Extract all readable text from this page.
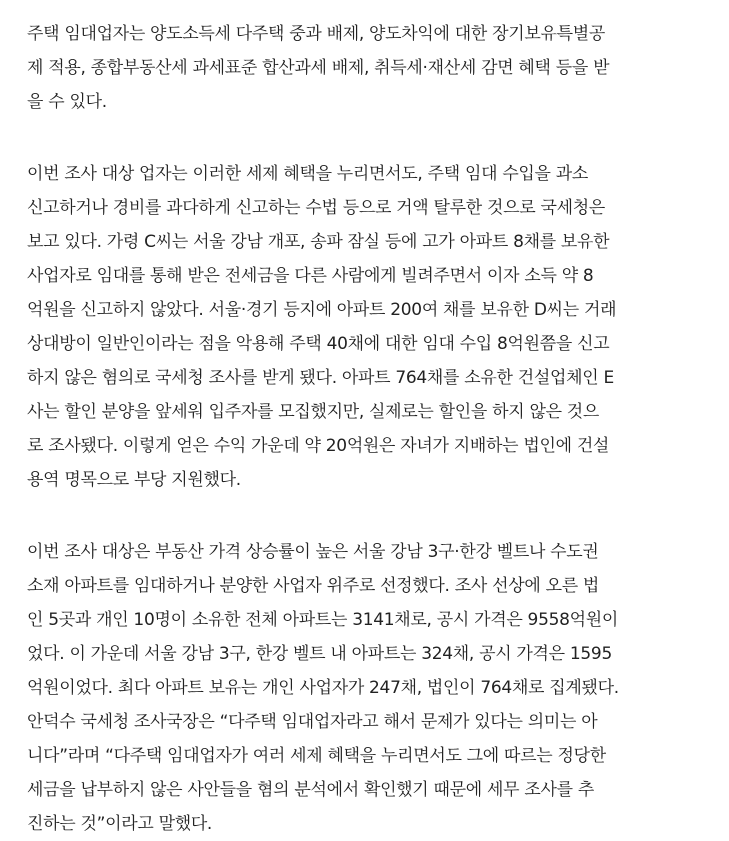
주택 임대업자는 양도소득세 다주택 중과 배제, 양도차익에 대한 장기보유특별공
제 적용, 종합부동산세 과세표준 합산과세 배제, 취득세·재산세 감면 혜택 등을 받
을 수 있다.

이번 조사 대상 업자는 이러한 세제 혜택을 누리면서도, 주택 임대 수입을 과소
신고하거나 경비를 과다하게 신고하는 수법 등으로 거액 탈루한 것으로 국세청은
보고 있다. 가령 C씨는 서울 강남 개포, 송파 잠실 등에 고가 아파트 8채를 보유한
사업자로 임대를 통해 받은 전세금을 다른 사람에게 빌려주면서 이자 소득 약 8
억원을 신고하지 않았다. 서울·경기 등지에 아파트 200여 채를 보유한 D씨는 거래
상대방이 일반인이라는 점을 악용해 주택 40채에 대한 임대 수입 8억원쯤을 신고
하지 않은 혐의로 국세청 조사를 받게 됐다. 아파트 764채를 소유한 건설업체인 E
사는 할인 분양을 앞세워 입주자를 모집했지만, 실제로는 할인을 하지 않은 것으
로 조사됐다. 이렇게 얻은 수익 가운데 약 20억원은 자녀가 지배하는 법인에 건설
용역 명목으로 부당 지원했다.

이번 조사 대상은 부동산 가격 상승률이 높은 서울 강남 3구·한강 벨트나 수도권
소재 아파트를 임대하거나 분양한 사업자 위주로 선정했다. 조사 선상에 오른 법
인 5곳과 개인 10명이 소유한 전체 아파트는 3141채로, 공시 가격은 9558억원이
었다. 이 가운데 서울 강남 3구, 한강 벨트 내 아파트는 324채, 공시 가격은 1595
억원이었다. 최다 아파트 보유는 개인 사업자가 247채, 법인이 764채로 집계됐다.
안덕수 국세청 조사국장은 “다주택 임대업자라고 해서 문제가 있다는 의미는 아
니다”라며 “다주택 임대업자가 여러 세제 혜택을 누리면서도 그에 따르는 정당한
세금을 납부하지 않은 사안들을 혐의 분석에서 확인했기 때문에 세무 조사를 추
진하는 것”이라고 말했다.
